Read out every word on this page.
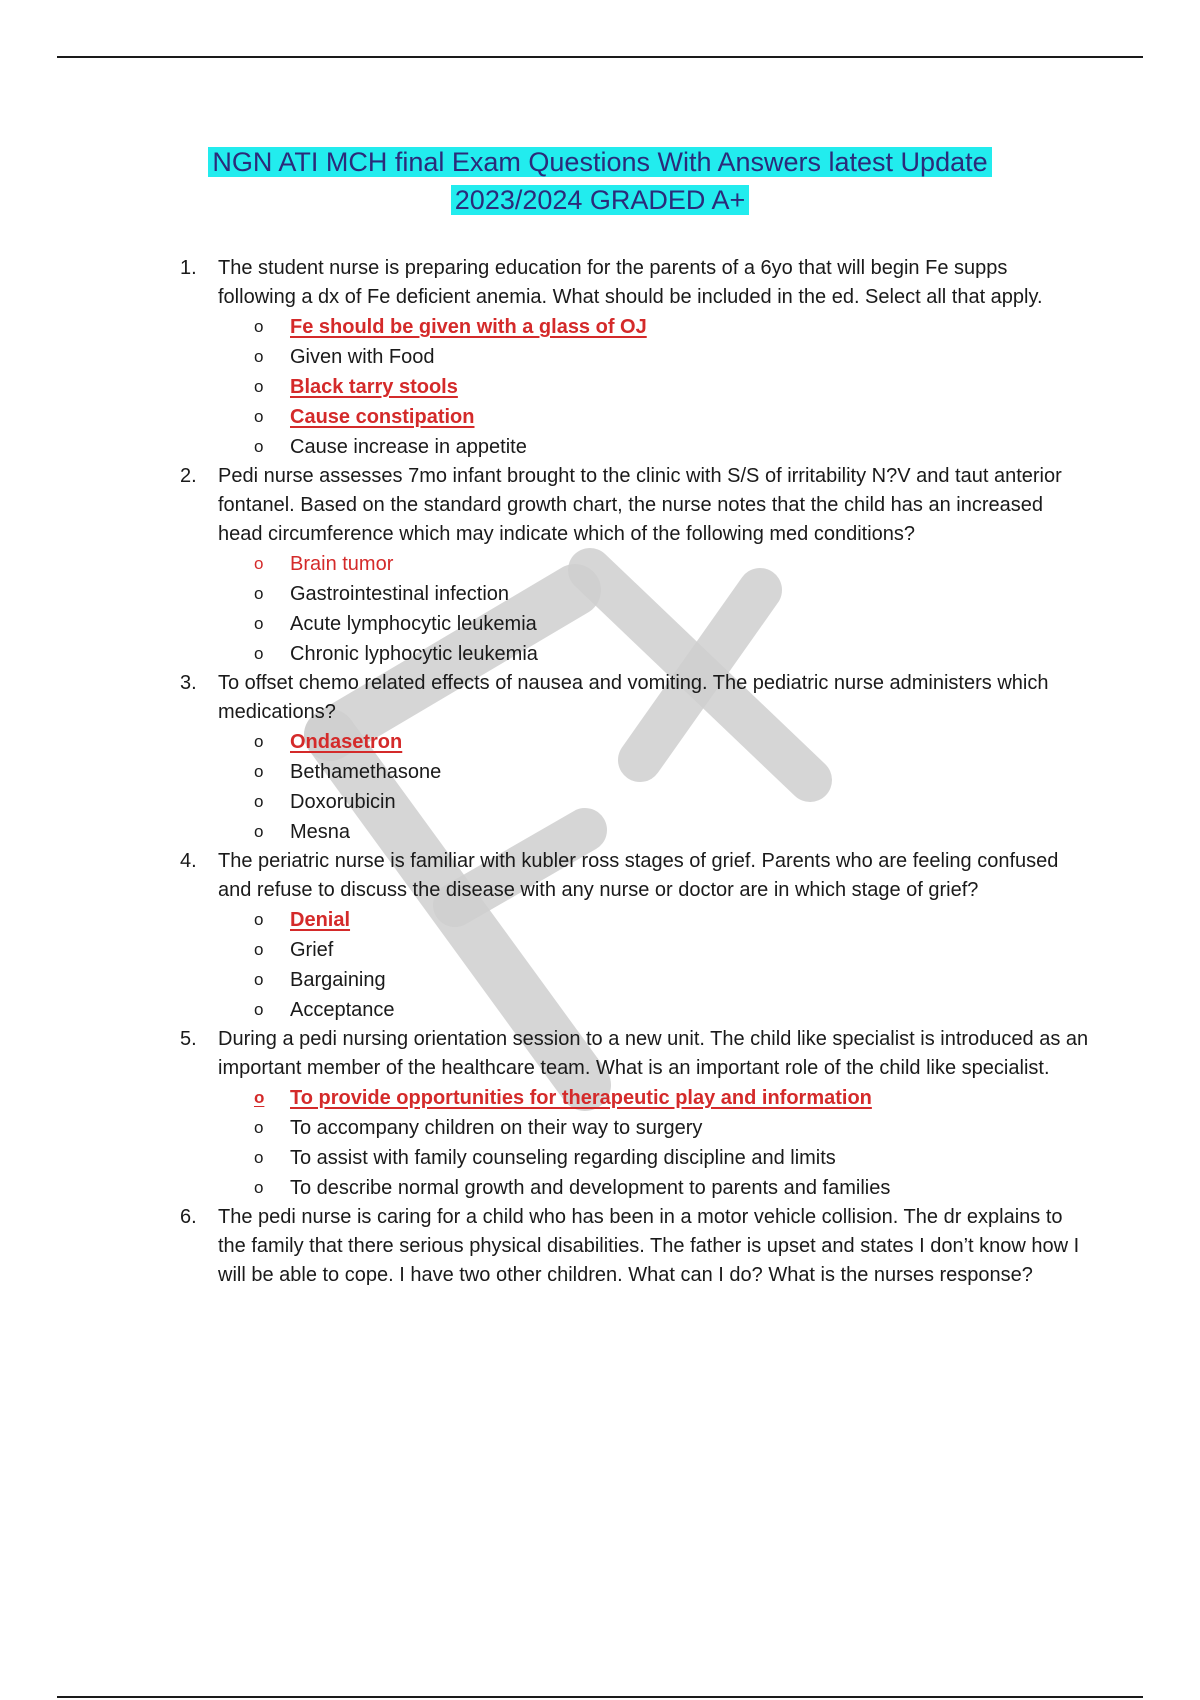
NGN ATI MCH final Exam Questions With Answers latest Update
2023/2024 GRADED A+
1. The student nurse is preparing education for the parents of a 6yo that will begin Fe supps following a dx of Fe deficient anemia. What should be included in the ed. Select all that apply.
o Fe should be given with a glass of OJ
o Given with Food
o Black tarry stools
o Cause constipation
o Cause increase in appetite
2. Pedi nurse assesses 7mo infant brought to the clinic with S/S of irritability N?V and taut anterior fontanel. Based on the standard growth chart, the nurse notes that the child has an increased head circumference which may indicate which of the following med conditions?
o Brain tumor
o Gastrointestinal infection
o Acute lymphocytic leukemia
o Chronic lyphocytic leukemia
3. To offset chemo related effects of nausea and vomiting. The pediatric nurse administers which medications?
o Ondasetron
o Bethamethasone
o Doxorubicin
o Mesna
4. The periatric nurse is familiar with kubler ross stages of grief. Parents who are feeling confused and refuse to discuss the disease with any nurse or doctor are in which stage of grief?
o Denial
o Grief
o Bargaining
o Acceptance
5. During a pedi nursing orientation session to a new unit. The child like specialist is introduced as an important member of the healthcare team. What is an important role of the child like specialist.
o To provide opportunities for therapeutic play and information
o To accompany children on their way to surgery
o To assist with family counseling regarding discipline and limits
o To describe normal growth and development to parents and families
6. The pedi nurse is caring for a child who has been in a motor vehicle collision. The dr explains to the family that there serious physical disabilities. The father is upset and states I don’t know how I will be able to cope. I have two other children. What can I do? What is the nurses response?
